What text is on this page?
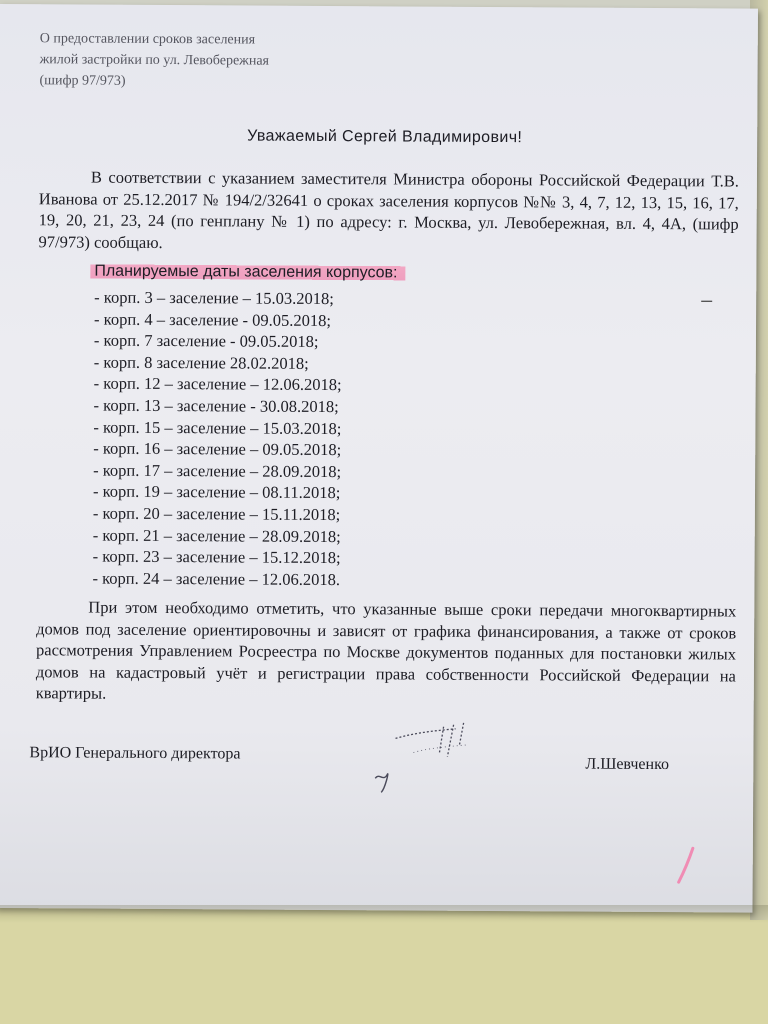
О предоставлении сроков заселения
жилой застройки по ул. Левобережная
(шифр 97/973)
Уважаемый Сергей Владимирович!
В соответствии с указанием заместителя Министра обороны Российской Федерации Т.В. Иванова от 25.12.2017 № 194/2/32641 о сроках заселения корпусов №№ 3, 4, 7, 12, 13, 15, 16, 17, 19, 20, 21, 23, 24 (по генплану № 1) по адресу: г. Москва, ул. Левобережная, вл. 4, 4А, (шифр 97/973) сообщаю.
Планируемые даты заселения корпусов:
- корп. 3 – заселение – 15.03.2018;
- корп. 4 – заселение - 09.05.2018;
- корп. 7 заселение - 09.05.2018;
- корп. 8 заселение 28.02.2018;
- корп. 12 – заселение – 12.06.2018;
- корп. 13 – заселение - 30.08.2018;
- корп. 15 – заселение – 15.03.2018;
- корп. 16 – заселение – 09.05.2018;
- корп. 17 – заселение – 28.09.2018;
- корп. 19 – заселение – 08.11.2018;
- корп. 20 – заселение – 15.11.2018;
- корп. 21 – заселение – 28.09.2018;
- корп. 23 – заселение – 15.12.2018;
- корп. 24 – заселение – 12.06.2018.
При этом необходимо отметить, что указанные выше сроки передачи многоквартирных домов под заселение ориентировочны и зависят от графика финансирования, а также от сроков рассмотрения Управлением Росреестра по Москве документов поданных для постановки жилых домов на кадастровый учёт и регистрации права собственности Российской Федерации на квартиры.
ВрИО Генерального директора
Л.Шевченко
